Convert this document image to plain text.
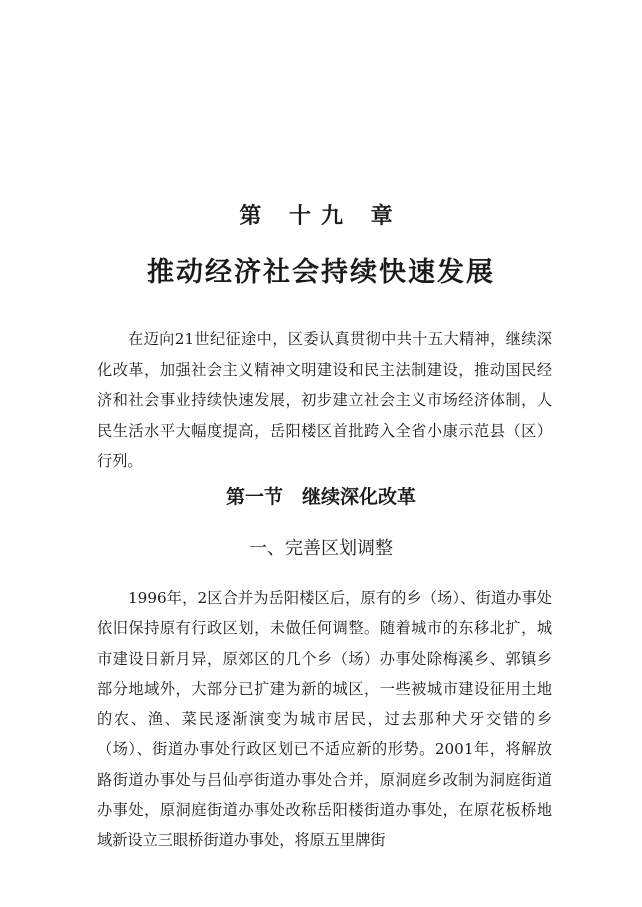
第 十九 章
推动经济社会持续快速发展

在迈向21世纪征途中，区委认真贯彻中共十五大精神，继续深化改革，加强社会主义精神文明建设和民主法制建设，推动国民经济和社会事业持续快速发展，初步建立社会主义市场经济体制，人民生活水平大幅度提高，岳阳楼区首批跨入全省小康示范县（区）行列。

第一节　继续深化改革
一、完善区划调整

1996年，2区合并为岳阳楼区后，原有的乡（场）、街道办事处依旧保持原有行政区划，未做任何调整。随着城市的东移北扩，城市建设日新月异，原郊区的几个乡（场）办事处除梅溪乡、郭镇乡部分地域外，大部分已扩建为新的城区，一些被城市建设征用土地的农、渔、菜民逐渐演变为城市居民，过去那种犬牙交错的乡（场）、街道办事处行政区划已不适应新的形势。2001年，将解放路街道办事处与吕仙亭街道办事处合并，原洞庭乡改制为洞庭街道办事处，原洞庭街道办事处改称岳阳楼街道办事处，在原花板桥地域新设立三眼桥街道办事处，将原五里牌街
